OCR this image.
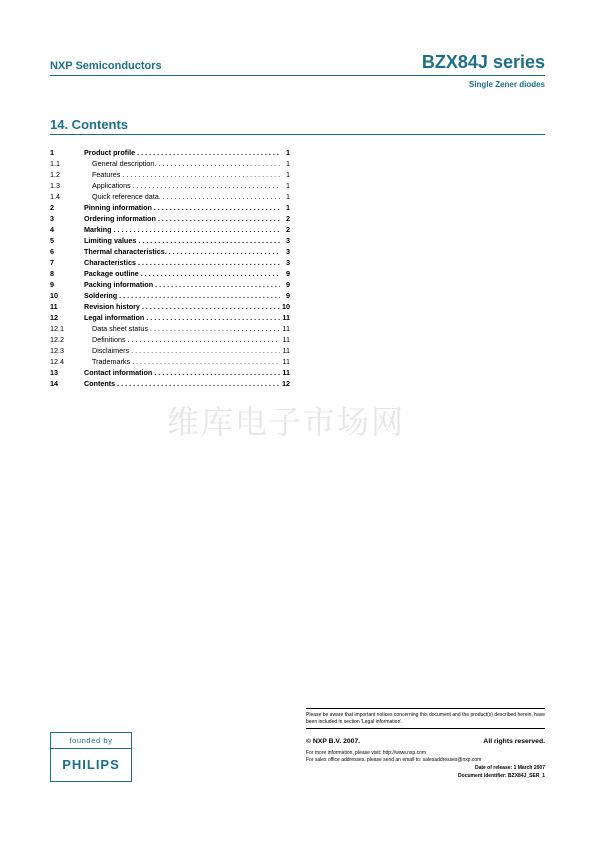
NXP Semiconductors	BZX84J series
Single Zener diodes
14. Contents
1	Product profile . . .	1
1.1	General description. . . .	1
1.2	Features . . .	1
1.3	Applications . . .	1
1.4	Quick reference data. . . .	1
2	Pinning information . . .	1
3	Ordering information . . .	2
4	Marking . . .	2
5	Limiting values . . .	3
6	Thermal characteristics. . . .	3
7	Characteristics . . .	3
8	Package outline . . .	9
9	Packing information . . .	9
10	Soldering . . .	9
11	Revision history . . .	10
12	Legal information . . .	11
12.1	Data sheet status . . .	11
12.2	Definitions . . .	11
12.3	Disclaimers . . .	11
12.4	Trademarks . . .	11
13	Contact information . . .	11
14	Contents . . .	12
维库电子市场网
Please be aware that important notices concerning this document and the product(s) described herein, have been included in section 'Legal information'.
© NXP B.V. 2007.	All rights reserved.
For more information, please visit: http://www.nxp.com
For sales office addresses, please send an email to: salesaddresses@nxp.com
Date of release: 1 March 2007
Document identifier: BZX84J_SER_1
founded by
PHILIPS
